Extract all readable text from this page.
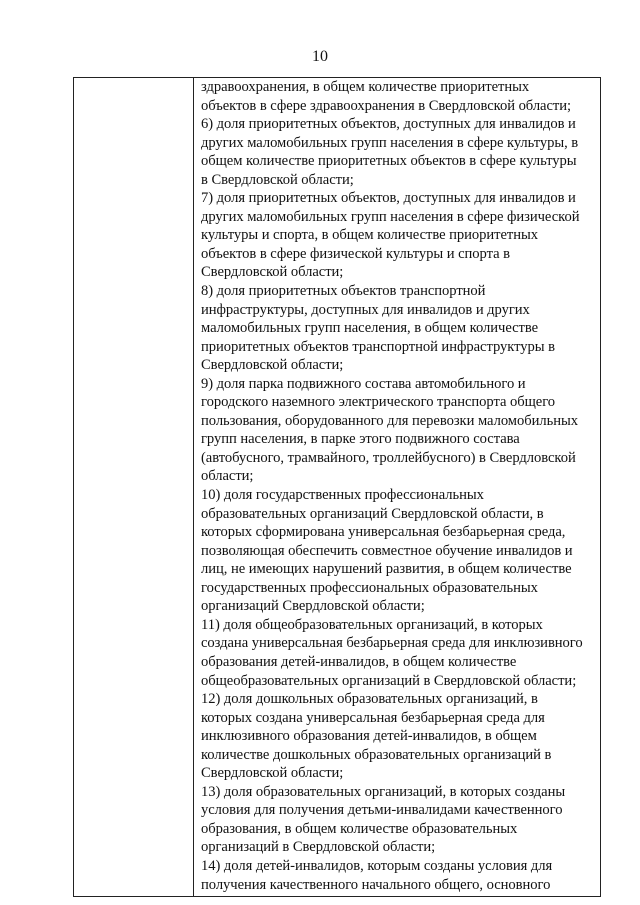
10
здравоохранения, в общем количестве приоритетных
объектов в сфере здравоохранения в Свердловской области;
6) доля приоритетных объектов, доступных для инвалидов и
других маломобильных групп населения в сфере культуры, в
общем количестве приоритетных объектов в сфере культуры
в Свердловской области;
7) доля приоритетных объектов, доступных для инвалидов и
других маломобильных групп населения в сфере физической
культуры и спорта, в общем количестве приоритетных
объектов в сфере физической культуры и спорта в
Свердловской области;
8) доля приоритетных объектов транспортной
инфраструктуры, доступных для инвалидов и других
маломобильных групп населения, в общем количестве
приоритетных объектов транспортной инфраструктуры в
Свердловской области;
9) доля парка подвижного состава автомобильного и
городского наземного электрического транспорта общего
пользования, оборудованного для перевозки маломобильных
групп населения, в парке этого подвижного состава
(автобусного, трамвайного, троллейбусного) в Свердловской
области;
10) доля государственных профессиональных
образовательных организаций Свердловской области, в
которых сформирована универсальная безбарьерная среда,
позволяющая обеспечить совместное обучение инвалидов и
лиц, не имеющих нарушений развития, в общем количестве
государственных профессиональных образовательных
организаций Свердловской области;
11) доля общеобразовательных организаций, в которых
создана универсальная безбарьерная среда для инклюзивного
образования детей-инвалидов, в общем количестве
общеобразовательных организаций в Свердловской области;
12) доля дошкольных образовательных организаций, в
которых создана универсальная безбарьерная среда для
инклюзивного образования детей-инвалидов, в общем
количестве дошкольных образовательных организаций в
Свердловской области;
13) доля образовательных организаций, в которых созданы
условия для получения детьми-инвалидами качественного
образования, в общем количестве образовательных
организаций в Свердловской области;
14) доля детей-инвалидов, которым созданы условия для
получения качественного начального общего, основного
